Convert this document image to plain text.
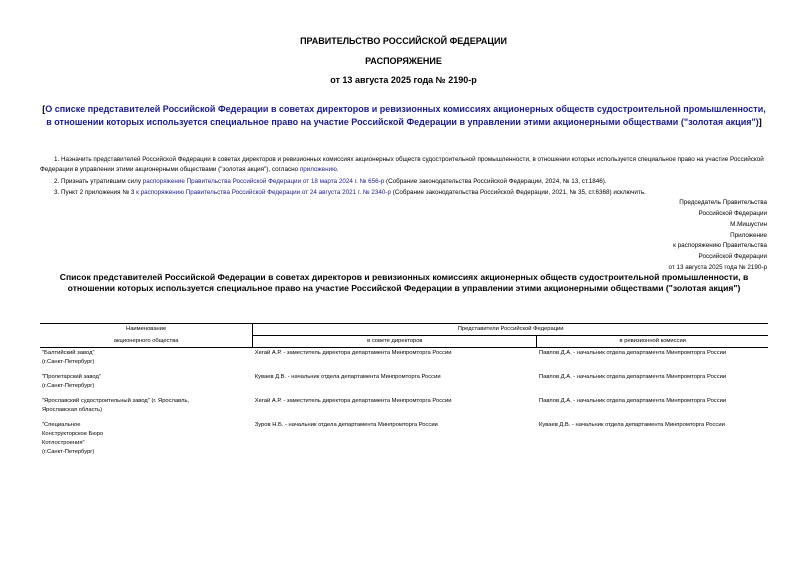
ПРАВИТЕЛЬСТВО РОССИЙСКОЙ ФЕДЕРАЦИИ
РАСПОРЯЖЕНИЕ
от 13 августа 2025 года № 2190-р
[О списке представителей Российской Федерации в советах директоров и ревизионных комиссиях акционерных обществ судостроительной промышленности, в отношении которых используется специальное право на участие Российской Федерации в управлении этими акционерными обществами ("золотая акция")]
1. Назначить представителей Российской Федерации в советах директоров и ревизионных комиссиях акционерных обществ судостроительной промышленности, в отношении которых используется специальное право на участие Российской Федерации в управлении этими акционерными обществами ("золотая акция"), согласно приложению.
2. Признать утратившим силу распоряжение Правительства Российской Федерации от 18 марта 2024 г. № 656-р (Собрание законодательства Российской Федерации, 2024, № 13, ст.1846).
3. Пункт 2 приложения № 3 к распоряжению Правительства Российской Федерации от 24 августа 2021 г. № 2340-р (Собрание законодательства Российской Федерации, 2021, № 35, ст.6368) исключить.
Председатель Правительства
Российской Федерации
М.Мишустин
Приложение
к распоряжению Правительства
Российской Федерации
от 13 августа 2025 года № 2190-р
Список представителей Российской Федерации в советах директоров и ревизионных комиссиях акционерных обществ судостроительной промышленности, в отношении которых используется специальное право на участие Российской Федерации в управлении этими акционерными обществами ("золотая акция")
Наименование	Представители Российской Федерации	
акционерного общества	в совете директоров	в ревизионной комиссии
"Балтийский завод"
(г.Санкт-Петербург)	Хегай А.Р. - заместитель директора департамента Минпромторга России	Павлов Д.А. - начальник отдела департамента Минпромторга России
"Пролетарский завод"
(г.Санкт-Петербург)	Куваев Д.В. - начальник отдела департамента Минпромторга России	Павлов Д.А. - начальник отдела департамента Минпромторга России
"Ярославский судостроительный завод" (г. Ярославль,
Ярославская область)	Хегай А.Р. - заместитель директора департамента Минпромторга России	Павлов Д.А. - начальник отдела департамента Минпромторга России
"Специальное
Конструкторское Бюро
Котлостроения"
(г.Санкт-Петербург)	Зуров Н.Б. - начальник отдела департамента Минпромторга России	Куваев Д.В. - начальник отдела департамента Минпромторга России
